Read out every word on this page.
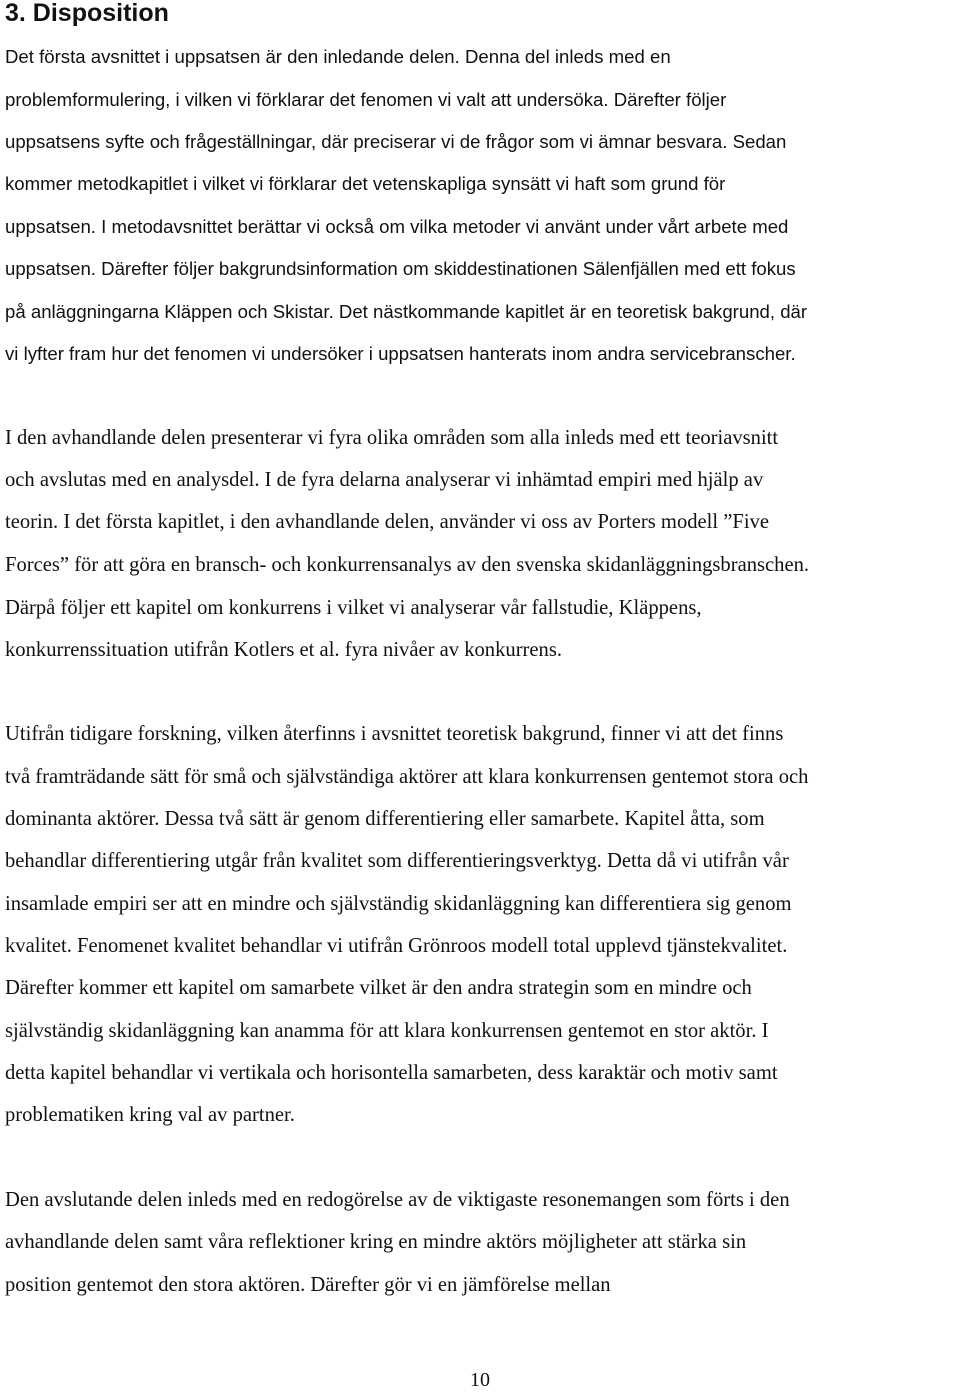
3. Disposition

Det första avsnittet i uppsatsen är den inledande delen. Denna del inleds med en

problemformulering, i vilken vi förklarar det fenomen vi valt att undersöka. Därefter följer

uppsatsens syfte och frågeställningar, där preciserar vi de frågor som vi ämnar besvara. Sedan

kommer metodkapitlet i vilket vi förklarar det vetenskapliga synsätt vi haft som grund för

uppsatsen. I metodavsnittet berättar vi också om vilka metoder vi använt under vårt arbete med

uppsatsen. Därefter följer bakgrundsinformation om skiddestinationen Sälenfjällen med ett fokus

på anläggningarna Kläppen och Skistar. Det nästkommande kapitlet är en teoretisk bakgrund, där

vi lyfter fram hur det fenomen vi undersöker i uppsatsen hanterats inom andra servicebranscher.

I den avhandlande delen presenterar vi fyra olika områden som alla inleds med ett teoriavsnitt

och avslutas med en analysdel. I de fyra delarna analyserar vi inhämtad empiri med hjälp av

teorin. I det första kapitlet, i den avhandlande delen, använder vi oss av Porters modell ”Five

Forces” för att göra en bransch- och konkurrensanalys av den svenska skidanläggningsbranschen.

Därpå följer ett kapitel om konkurrens i vilket vi analyserar vår fallstudie, Kläppens,

konkurrenssituation utifrån Kotlers et al. fyra nivåer av konkurrens.

Utifrån tidigare forskning, vilken återfinns i avsnittet teoretisk bakgrund, finner vi att det finns

två framträdande sätt för små och självständiga aktörer att klara konkurrensen gentemot stora och

dominanta aktörer. Dessa två sätt är genom differentiering eller samarbete. Kapitel åtta, som

behandlar differentiering utgår från kvalitet som differentieringsverktyg. Detta då vi utifrån vår

insamlade empiri ser att en mindre och självständig skidanläggning kan differentiera sig genom

kvalitet. Fenomenet kvalitet behandlar vi utifrån Grönroos modell total upplevd tjänstekvalitet.

Därefter kommer ett kapitel om samarbete vilket är den andra strategin som en mindre och

självständig skidanläggning kan anamma för att klara konkurrensen gentemot en stor aktör. I

detta kapitel behandlar vi vertikala och horisontella samarbeten, dess karaktär och motiv samt

problematiken kring val av partner.

Den avslutande delen inleds med en redogörelse av de viktigaste resonemangen som förts i den

avhandlande delen samt våra reflektioner kring en mindre aktörs möjligheter att stärka sin

position gentemot den stora aktören. Därefter gör vi en jämförelse mellan

10
